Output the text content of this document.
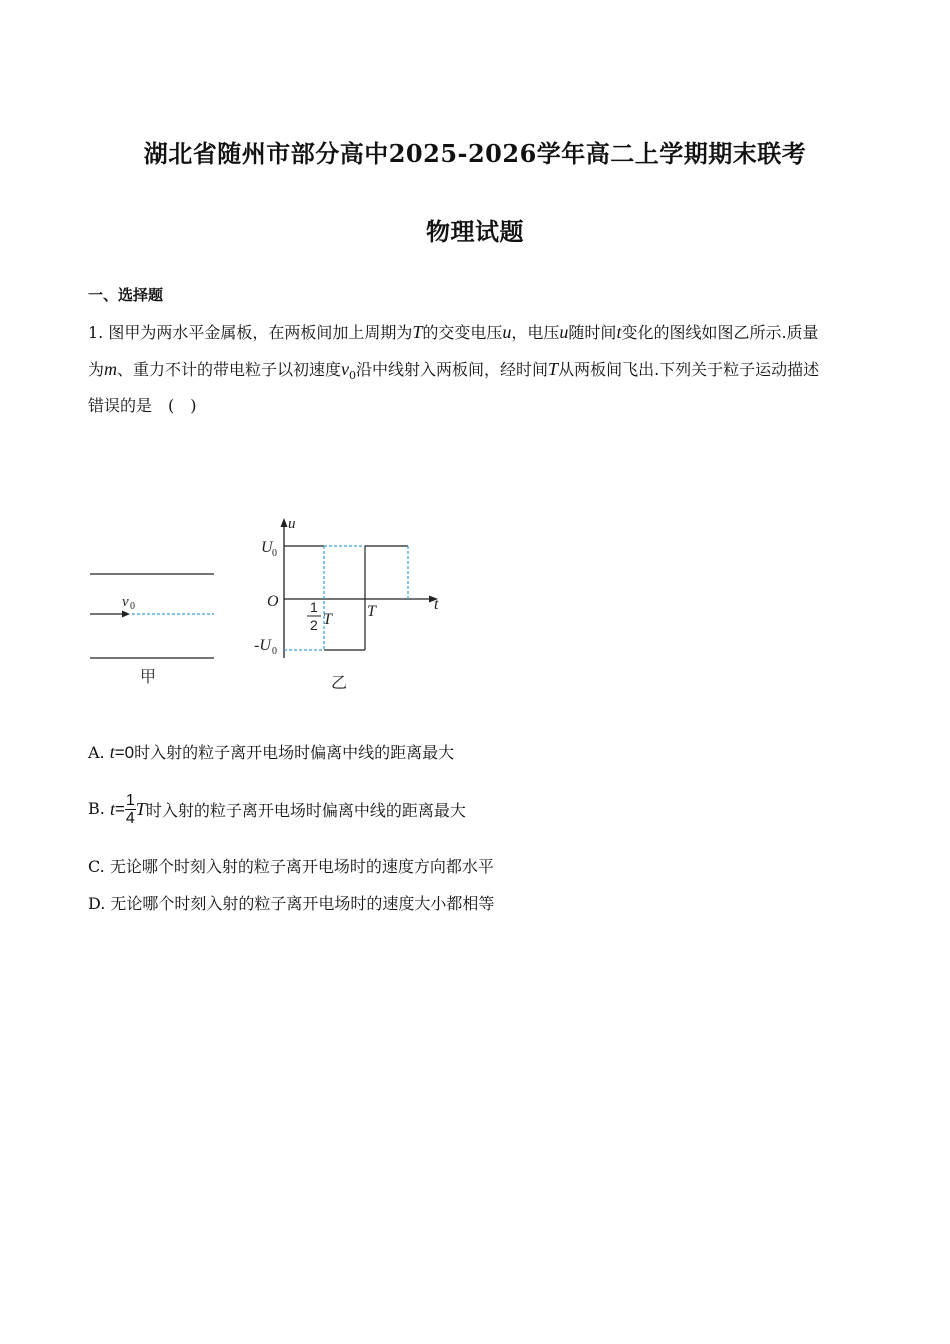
湖北省随州市部分高中2025-2026学年高二上学期期末联考
物理试题
一、选择题
1. 图甲为两水平金属板，在两板间加上周期为T的交变电压u，电压u随时间t变化的图线如图乙所示.质量
为m、重力不计的带电粒子以初速度$v_0$沿中线射入两板间，经时间T从两板间飞出.下列关于粒子运动描述
错误的是　(　)
v 0
甲
u
t
O
U 0
-U 0
1
2 T T
乙
A. t=0时入射的粒子离开电场时偏离中线的距离最大
B. $t= \frac{1}{4}$ T时入射的粒子离开电场时偏离中线的距离最大
C. 无论哪个时刻入射的粒子离开电场时的速度方向都水平
D. 无论哪个时刻入射的粒子离开电场时的速度大小都相等
